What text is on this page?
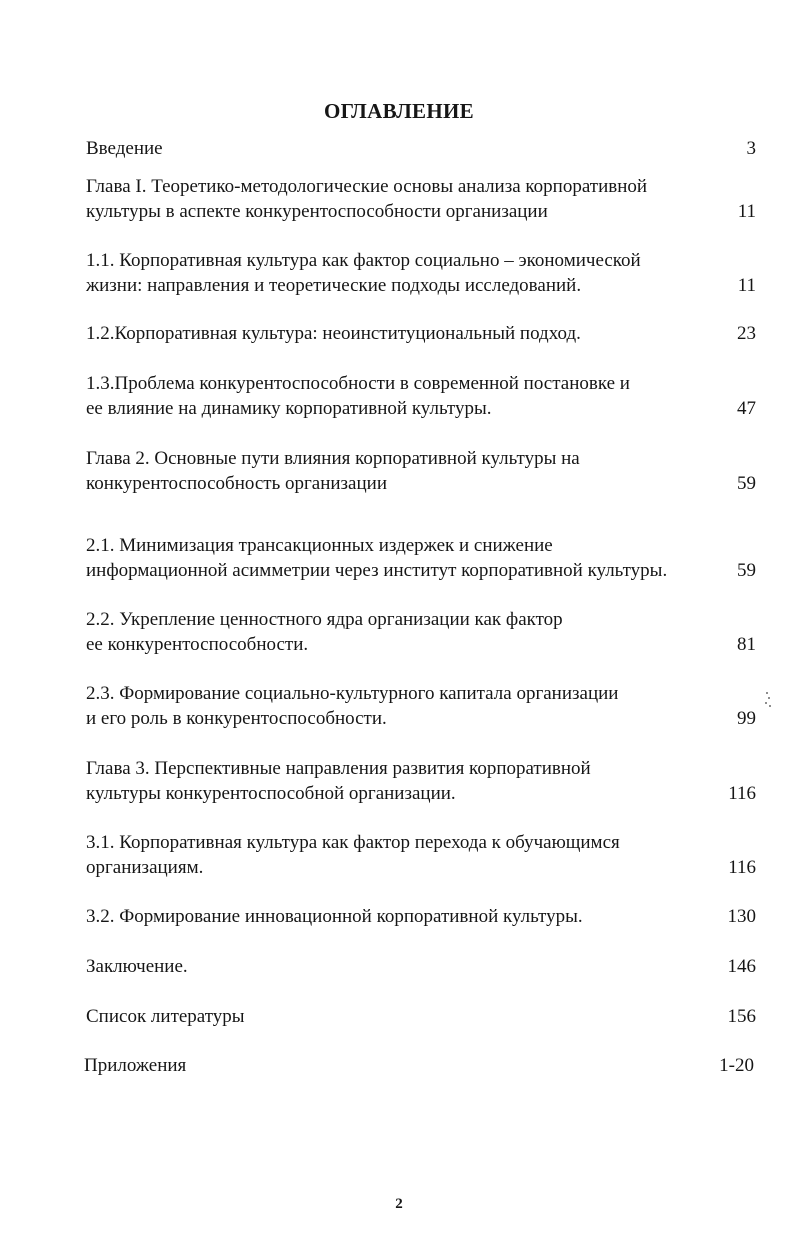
ОГЛАВЛЕНИЕ
Введение	3
Глава I. Теоретико-методологические основы анализа корпоративной
культуры в аспекте конкурентоспособности организации	11
1.1. Корпоративная культура как фактор социально – экономической
жизни: направления и теоретические подходы исследований.	11
1.2.Корпоративная культура: неоинституциональный подход.	23
1.3.Проблема конкурентоспособности в современной постановке и
ее влияние на динамику корпоративной культуры.	47
Глава 2. Основные пути влияния корпоративной культуры на
конкурентоспособность организации	59
2.1. Минимизация трансакционных издержек и снижение
информационной асимметрии через институт корпоративной культуры.	59
2.2. Укрепление ценностного ядра организации как фактор
ее конкурентоспособности.	81
2.3. Формирование социально-культурного капитала организации
и его роль в конкурентоспособности.	99
Глава 3. Перспективные направления развития корпоративной
культуры конкурентоспособной организации.	116
3.1. Корпоративная культура как фактор перехода к обучающимся
организациям.	116
3.2. Формирование инновационной корпоративной культуры.	130
Заключение.	146
Список литературы	156
Приложения	1-20
2
